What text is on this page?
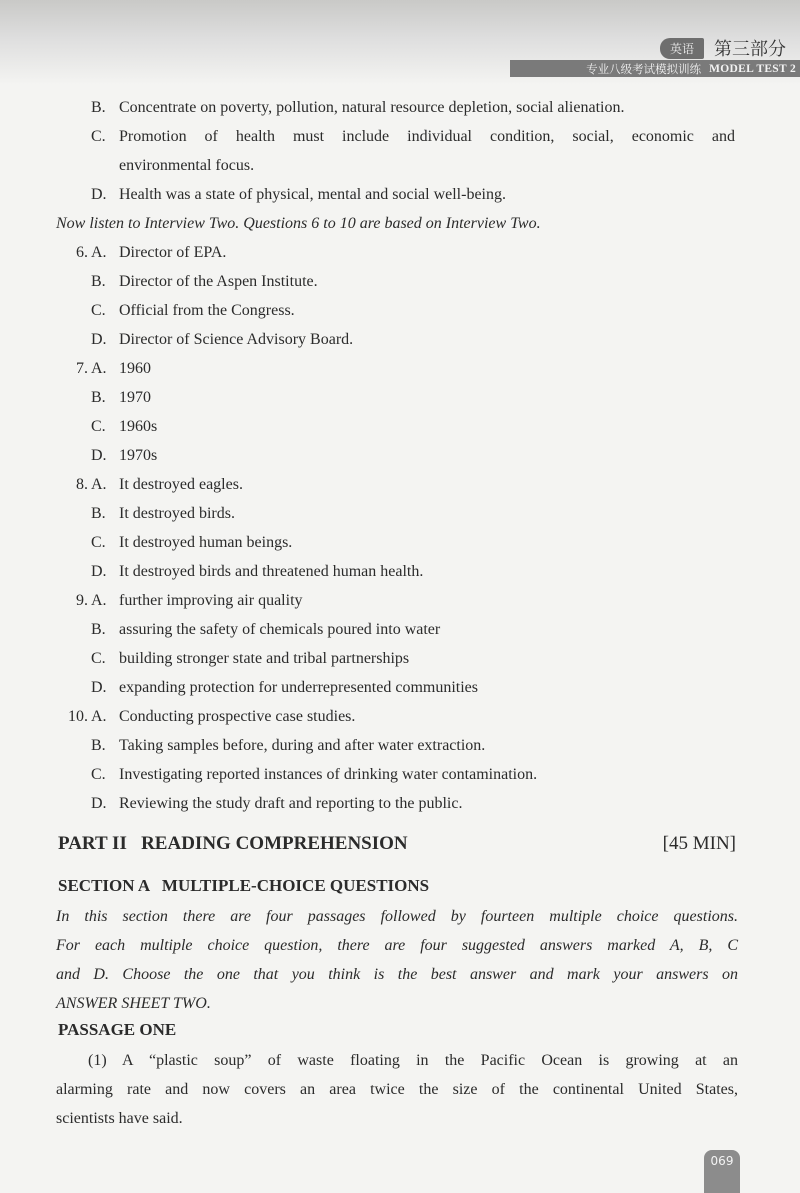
英语	第三部分
专业八级考试模拟训练 MODEL TEST 2
B. Concentrate on poverty, pollution, natural resource depletion, social alienation.
C. Promotion of health must include individual condition, social, economic and
environmental focus.
D. Health was a state of physical, mental and social well-being.
Now listen to Interview Two. Questions 6 to 10 are based on Interview Two.
6. A. Director of EPA.
B. Director of the Aspen Institute.
C. Official from the Congress.
D. Director of Science Advisory Board.
7. A. 1960
B. 1970
C. 1960s
D. 1970s
8. A. It destroyed eagles.
B. It destroyed birds.
C. It destroyed human beings.
D. It destroyed birds and threatened human health.
9. A. further improving air quality
B. assuring the safety of chemicals poured into water
C. building stronger state and tribal partnerships
D. expanding protection for underrepresented communities
10. A. Conducting prospective case studies.
B. Taking samples before, during and after water extraction.
C. Investigating reported instances of drinking water contamination.
D. Reviewing the study draft and reporting to the public.
PART II   READING COMPREHENSION	[45 MIN]
SECTION A   MULTIPLE-CHOICE QUESTIONS
In this section there are four passages followed by fourteen multiple choice questions.
For each multiple choice question, there are four suggested answers marked A, B, C
and D. Choose the one that you think is the best answer and mark your answers on
ANSWER SHEET TWO.
PASSAGE ONE
(1) A “plastic soup” of waste floating in the Pacific Ocean is growing at an
alarming rate and now covers an area twice the size of the continental United States,
scientists have said.
069
